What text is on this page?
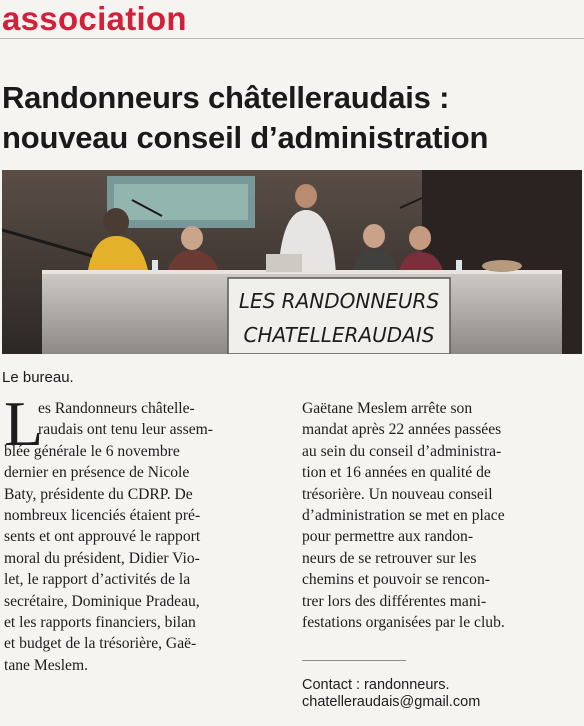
association
Randonneurs châtelleraudais :
nouveau conseil d’administration
LES RANDONNEURS
CHATELLERAUDAIS
Le bureau.
L
es Randonneurs châtelle-
raudais ont tenu leur assem-
blée générale le 6 novembre
dernier en présence de Nicole
Baty, présidente du CDRP. De
nombreux licenciés étaient pré-
sents et ont approuvé le rapport
moral du président, Didier Vio-
let, le rapport d’activités de la
secrétaire, Dominique Pradeau,
et les rapports financiers, bilan
et budget de la trésorière, Gaë-
tane Meslem.
Gaëtane Meslem arrête son
mandat après 22 années passées
au sein du conseil d’administra-
tion et 16 années en qualité de
trésorière. Un nouveau conseil
d’administration se met en place
pour permettre aux randon-
neurs de se retrouver sur les
chemins et pouvoir se rencon-
trer lors des différentes mani-
festations organisées par le club.
Contact : randonneurs.
chatelleraudais@gmail.com
